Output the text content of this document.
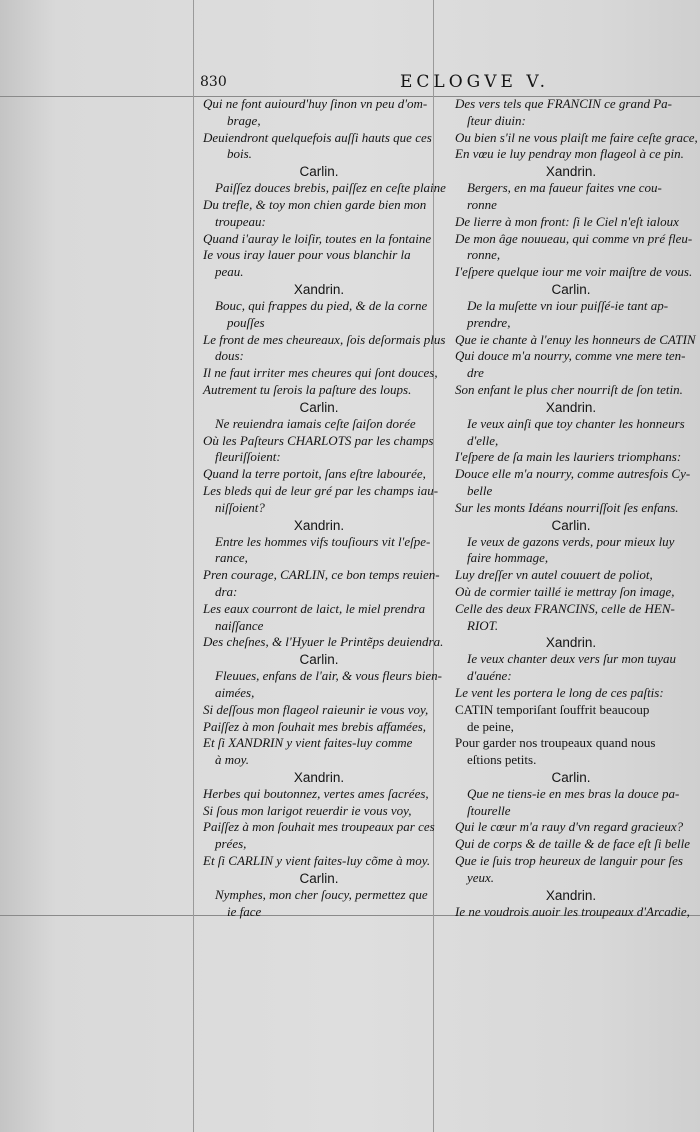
830	ECLOGVE V.
Qui ne font auiourd'huy ſinon vn peu d'om-
brage,
Deuiendront quelquefois auſſi hauts que ces
bois.
Carlin.
Paiſſez douces brebis, paiſſez en ceſte plaine
Du trefle, & toy mon chien garde bien mon
troupeau:
Quand i'auray le loiſir, toutes en la fontaine
Ie vous iray lauer pour vous blanchir la
peau.
Xandrin.
Bouc, qui frappes du pied, & de la corne
pouſſes
Le front de mes cheureaux, ſois deſormais plus
dous:
Il ne faut irriter mes cheures qui ſont douces,
Autrement tu ſerois la paſture des loups.
Carlin.
Ne reuiendra iamais ceſte ſaiſon dorée
Où les Paſteurs CHARLOTS par les champs
fleuriſſoient:
Quand la terre portoit, ſans eſtre labourée,
Les bleds qui de leur gré par les champs iau-
niſſoient?
Xandrin.
Entre les hommes vifs touſiours vit l'eſpe-
rance,
Pren courage, CARLIN, ce bon temps reuien-
dra:
Les eaux courront de laict, le miel prendra
naiſſance
Des cheſnes, & l'Hyuer le Printẽps deuiendra.
Carlin.
Fleuues, enfans de l'air, & vous fleurs bien-
aimées,
Si deſſous mon flageol raieunir ie vous voy,
Paiſſez à mon ſouhait mes brebis affamées,
Et ſi XANDRIN y vient faites-luy comme
à moy.
Xandrin.
Herbes qui boutonnez, vertes ames ſacrées,
Si ſous mon larigot reuerdir ie vous voy,
Paiſſez à mon ſouhait mes troupeaux par ces
prées,
Et ſi CARLIN y vient faites-luy cõme à moy.
Carlin.
Nymphes, mon cher ſoucy, permettez que
ie face
Des vers tels que FRANCIN ce grand Pa-
ſteur diuin:
Ou bien s'il ne vous plaiſt me faire ceſte grace,
En vœu ie luy pendray mon flageol à ce pin.
Xandrin.
Bergers, en ma faueur faites vne cou-
ronne
De lierre à mon front: ſi le Ciel n'eſt ialoux
De mon âge nouueau, qui comme vn pré fleu-
ronne,
I'eſpere quelque iour me voir maiſtre de vous.
Carlin.
De la muſette vn iour puiſſé-ie tant ap-
prendre,
Que ie chante à l'enuy les honneurs de CATIN
Qui douce m'a nourry, comme vne mere ten-
dre
Son enfant le plus cher nourriſt de ſon tetin.
Xandrin.
Ie veux ainſi que toy chanter les honneurs
d'elle,
I'eſpere de ſa main les lauriers triomphans:
Douce elle m'a nourry, comme autresfois Cy-
belle
Sur les monts Idéans nourriſſoit ſes enfans.
Carlin.
Ie veux de gazons verds, pour mieux luy
faire hommage,
Luy dreſſer vn autel couuert de poliot,
Où de cormier taillé ie mettray ſon image,
Celle des deux FRANCINS, celle de HEN-
RIOT.
Xandrin.
Ie veux chanter deux vers ſur mon tuyau
d'auéne:
Le vent les portera le long de ces paſtis:
CATIN temporiſant ſouffrit beaucoup
de peine,
Pour garder nos troupeaux quand nous
eſtions petits.
Carlin.
Que ne tiens-ie en mes bras la douce pa-
ſtourelle
Qui le cœur m'a rauy d'vn regard gracieux?
Qui de corps & de taille & de face eſt ſi belle
Que ie ſuis trop heureux de languir pour ſes
yeux.
Xandrin.
Ie ne voudrois auoir les troupeaux d'Arcadie,
